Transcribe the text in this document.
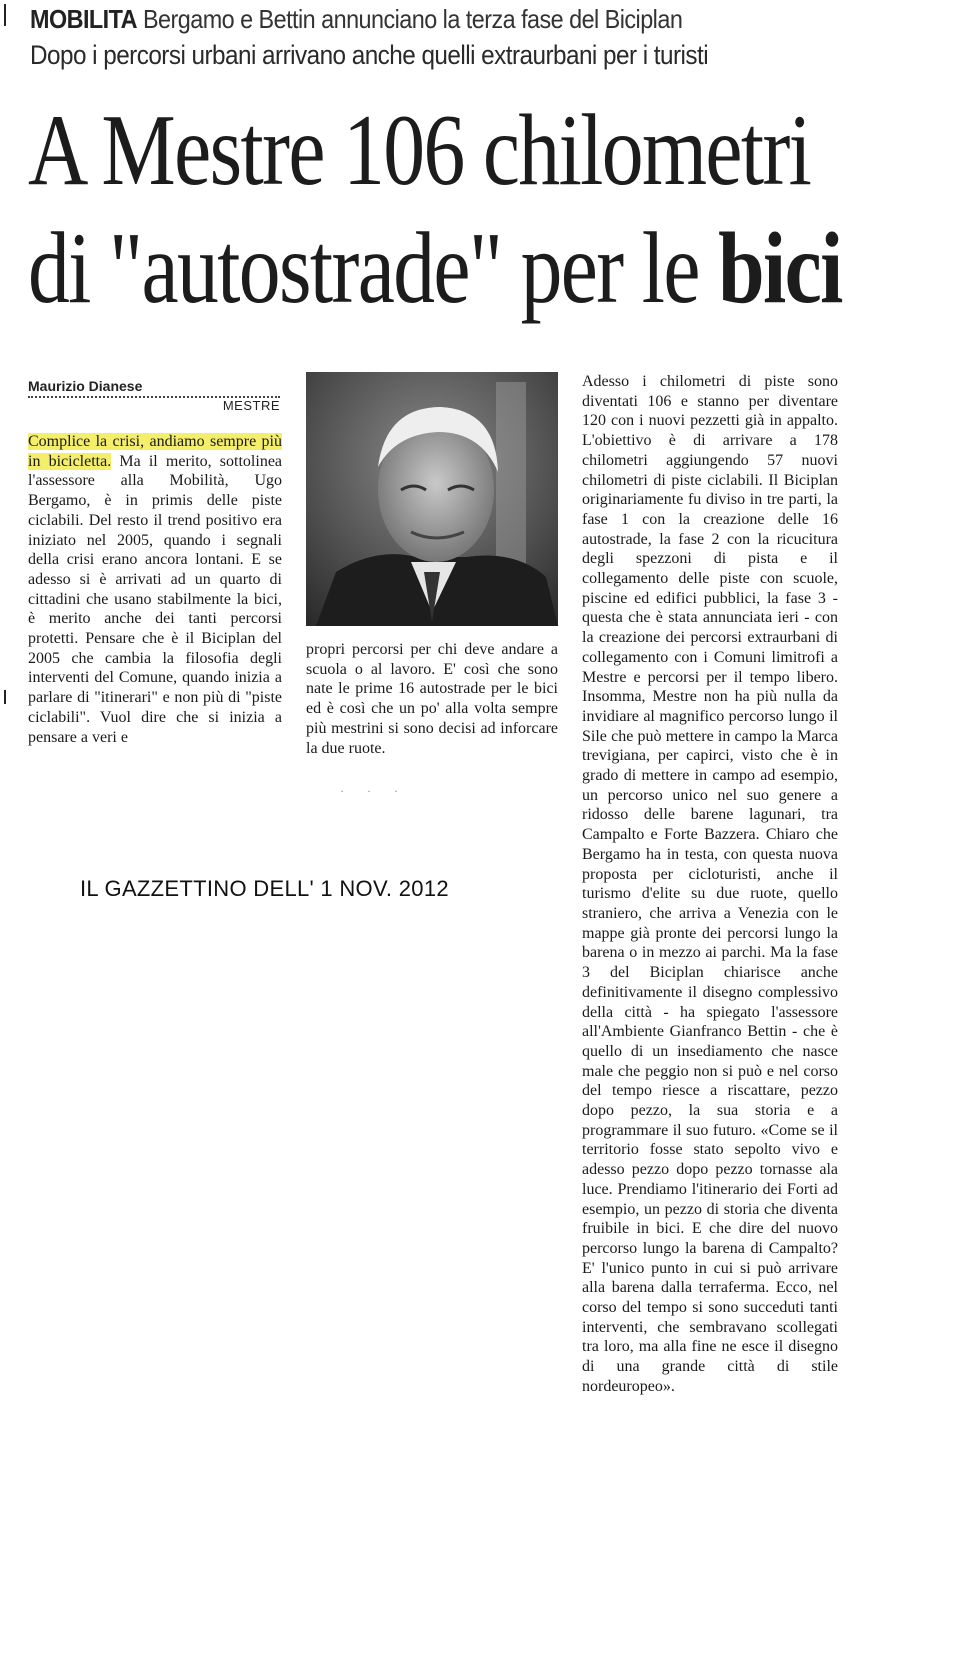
MOBILITA Bergamo e Bettin annunciano la terza fase del Biciplan
Dopo i percorsi urbani arrivano anche quelli extraurbani per i turisti
A Mestre 106 chilometri
di "autostrade" per le bici
Maurizio Dianese
MESTRE

Complice la crisi, andiamo sempre più in bicicletta. Ma il merito, sottolinea l'assessore alla Mobilità, Ugo Bergamo, è in primis delle piste ciclabili. Del resto il trend positivo era iniziato nel 2005, quando i segnali della crisi erano ancora lontani. E se adesso si è arrivati ad un quarto di cittadini che usano stabilmente la bici, è merito anche dei tanti percorsi protetti. Pensare che è il Biciplan del 2005 che cambia la filosofia degli interventi del Comune, quando inizia a parlare di "itinerari" e non più di "piste ciclabili". Vuol dire che si inizia a pensare a veri e

propri percorsi per chi deve andare a scuola o al lavoro. E' così che sono nate le prime 16 autostrade per le bici ed è così che un po' alla volta sempre più mestrini si sono decisi ad inforcare la due ruote.

Adesso i chilometri di piste sono diventati 106 e stanno per diventare 120 con i nuovi pezzetti già in appalto. L'obiettivo è di arrivare a 178 chilometri aggiungendo 57 nuovi chilometri di piste ciclabili. Il Biciplan originariamente fu diviso in tre parti, la fase 1 con la creazione delle 16 autostrade, la fase 2 con la ricucitura degli spezzoni di pista e il collegamento delle piste con scuole, piscine ed edifici pubblici, la fase 3 - questa che è stata annunciata ieri - con la creazione dei percorsi extraurbani di collegamento con i Comuni limitrofi a Mestre e percorsi per il tempo libero. Insomma, Mestre non ha più nulla da invidiare al magnifico percorso lungo il Sile che può mettere in campo la Marca trevigiana, per capirci, visto che è in grado di mettere in campo ad esempio, un percorso unico nel suo genere a ridosso delle barene lagunari, tra Campalto e Forte Bazzera. Chiaro che Bergamo ha in testa, con questa nuova proposta per cicloturisti, anche il turismo d'elite su due ruote, quello straniero, che arriva a Venezia con le mappe già pronte dei percorsi lungo la barena o in mezzo ai parchi. Ma la fase 3 del Biciplan chiarisce anche definitivamente il disegno complessivo della città - ha spiegato l'assessore all'Ambiente Gianfranco Bettin - che è quello di un insediamento che nasce male che peggio non si può e nel corso del tempo riesce a riscattare, pezzo dopo pezzo, la sua storia e a programmare il suo futuro. «Come se il territorio fosse stato sepolto vivo e adesso pezzo dopo pezzo tornasse ala luce. Prendiamo l'itinerario dei Forti ad esempio, un pezzo di storia che diventa fruibile in bici. E che dire del nuovo percorso lungo la barena di Campalto? E' l'unico punto in cui si può arrivare alla barena dalla terraferma. Ecco, nel corso del tempo si sono succeduti tanti interventi, che sembravano scollegati tra loro, ma alla fine ne esce il disegno di una grande città di stile nordeuropeo».

· · ·
IL GAZZETTINO DELL' 1 NOV. 2012
